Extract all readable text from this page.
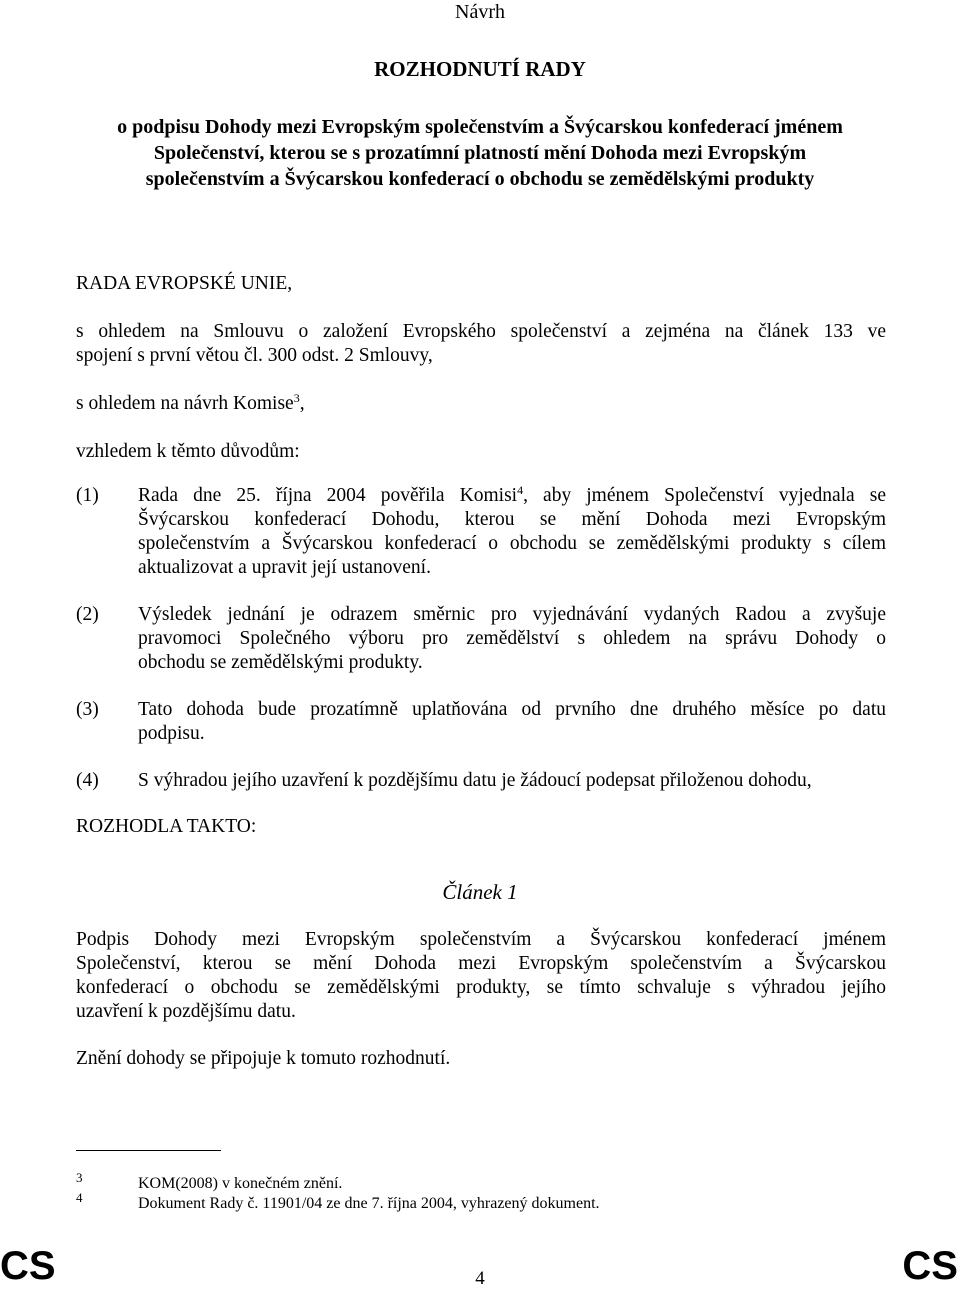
Návrh
ROZHODNUTÍ RADY
o podpisu Dohody mezi Evropským společenstvím a Švýcarskou konfederací jménem
Společenství, kterou se s prozatímní platností mění Dohoda mezi Evropským
společenstvím a Švýcarskou konfederací o obchodu se zemědělskými produkty
RADA EVROPSKÉ UNIE,
s ohledem na Smlouvu o založení Evropského společenství a zejména na článek 133 ve
spojení s první větou čl. 300 odst. 2 Smlouvy,
s ohledem na návrh Komise$^3$,
vzhledem k těmto důvodům:
(1) Rada dne 25. října 2004 pověřila Komisi$^4$, aby jménem Společenství vyjednala se
Švýcarskou konfederací Dohodu, kterou se mění Dohoda mezi Evropským
společenstvím a Švýcarskou konfederací o obchodu se zemědělskými produkty s cílem
aktualizovat a upravit její ustanovení.
(2) Výsledek jednání je odrazem směrnic pro vyjednávání vydaných Radou a zvyšuje
pravomoci Společného výboru pro zemědělství s ohledem na správu Dohody o
obchodu se zemědělskými produkty.
(3) Tato dohoda bude prozatímně uplatňována od prvního dne druhého měsíce po datu
podpisu.
(4) S výhradou jejího uzavření k pozdějšímu datu je žádoucí podepsat přiloženou dohodu,
ROZHODLA TAKTO:
Článek 1
Podpis Dohody mezi Evropským společenstvím a Švýcarskou konfederací jménem
Společenství, kterou se mění Dohoda mezi Evropským společenstvím a Švýcarskou
konfederací o obchodu se zemědělskými produkty, se tímto schvaluje s výhradou jejího
uzavření k pozdějšímu datu.
Znění dohody se připojuje k tomuto rozhodnutí.
3	KOM(2008) v konečném znění.
4	Dokument Rady č. 11901/04 ze dne 7. října 2004, vyhrazený dokument.
CS	4	CS
